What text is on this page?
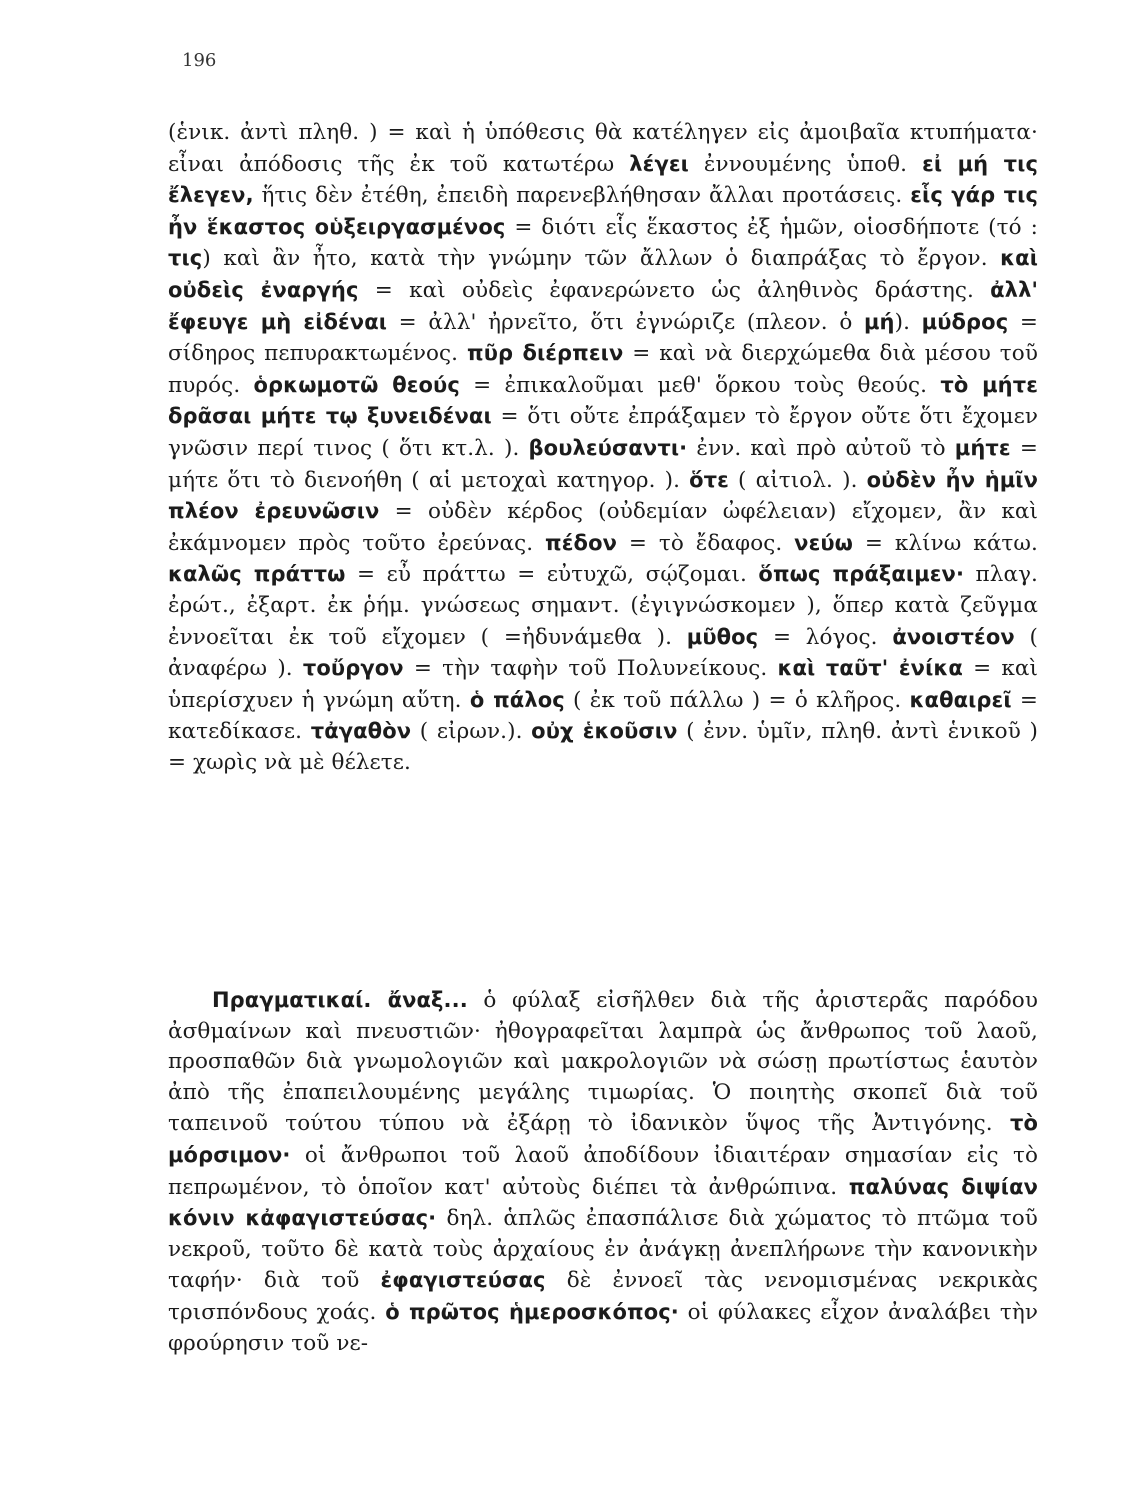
196

(ἑνικ. ἀντὶ πληθ. ) = καὶ ἡ ὑπόθεσις θὰ κατέληγεν εἰς ἀμοιβαῖα κτυπήματα· εἶναι ἀπόδοσις τῆς ἐκ τοῦ κατωτέρω λέγει ἐννουμένης ὑποθ. εἰ μή τις ἔλεγεν, ἥτις δὲν ἐτέθη, ἐπειδὴ παρενεβλήθησαν ἄλλαι προτάσεις. εἷς γάρ τις ἦν ἕκαστος οὑξειργασμένος = διότι εἷς ἕκαστος ἐξ ἡμῶν, οἱοσδήποτε (τό : τις) καὶ ἂν ἦτο, κατὰ τὴν γνώμην τῶν ἄλλων ὁ διαπράξας τὸ ἔργον. καὶ οὐδεὶς ἐναργής = καὶ οὐδεὶς ἐφανερώνετο ὡς ἀληθινὸς δράστης. ἀλλ' ἔφευγε μὴ εἰδέναι = ἀλλ' ἠρνεῖτο, ὅτι ἐγνώριζε (πλεον. ὁ μή). μύδρος = σίδηρος πεπυρακτωμένος. πῦρ διέρπειν = καὶ νὰ διερχώμεθα διὰ μέσου τοῦ πυρός. ὁρκωμοτῶ θεούς = ἐπικαλοῦμαι μεθ' ὅρκου τοὺς θεούς. τὸ μήτε δρᾶσαι μήτε τῳ ξυνειδέναι = ὅτι οὔτε ἐπράξαμεν τὸ ἔργον οὔτε ὅτι ἔχομεν γνῶσιν περί τινος ( ὅτι κτ.λ. ). βουλεύσαντι· ἐνν. καὶ πρὸ αὐτοῦ τὸ μήτε = μήτε ὅτι τὸ διενοήθη ( αἱ μετοχαὶ κατηγορ. ). ὅτε ( αἰτιολ. ). οὐδὲν ἦν ἡμῖν πλέον ἐρευνῶσιν = οὐδὲν κέρδος (οὐδεμίαν ὠφέλειαν) εἴχομεν, ἂν καὶ ἐκάμνομεν πρὸς τοῦτο ἐρεύνας. πέδον = τὸ ἔδαφος. νεύω = κλίνω κάτω. καλῶς πράττω = εὖ πράττω = εὐτυχῶ, σῴζομαι. ὅπως πράξαιμεν· πλαγ. ἐρώτ., ἐξαρτ. ἐκ ῥήμ. γνώσεως σημαντ. (ἐγιγνώσκομεν ), ὅπερ κατὰ ζεῦγμα ἐννοεῖται ἐκ τοῦ εἴχομεν ( =ἠδυνάμεθα ). μῦθος = λόγος. ἀνοιστέον ( ἀναφέρω ). τοὔργον = τὴν ταφὴν τοῦ Πολυνείκους. καὶ ταῦτ' ἐνίκα = καὶ ὑπερίσχυεν ἡ γνώμη αὕτη. ὁ πάλος ( ἐκ τοῦ πάλλω ) = ὁ κλῆρος. καθαιρεῖ = κατεδίκασε. τἀγαθὸν ( εἰρων.). οὐχ ἑκοῦσιν ( ἐνν. ὑμῖν, πληθ. ἀντὶ ἑνικοῦ ) = χωρὶς νὰ μὲ θέλετε.

Πραγματικαί. ἄναξ... ὁ φύλαξ εἰσῆλθεν διὰ τῆς ἀριστερᾶς παρόδου ἀσθμαίνων καὶ πνευστιῶν· ἠθογραφεῖται λαμπρὰ ὡς ἄνθρωπος τοῦ λαοῦ, προσπαθῶν διὰ γνωμολογιῶν καὶ μακρολογιῶν νὰ σώσῃ πρωτίστως ἑαυτὸν ἀπὸ τῆς ἐπαπειλουμένης μεγάλης τιμωρίας. Ὁ ποιητὴς σκοπεῖ διὰ τοῦ ταπεινοῦ τούτου τύπου νὰ ἐξάρῃ τὸ ἰδανικὸν ὕψος τῆς Ἀντιγόνης. τὸ μόρσιμον· οἱ ἄνθρωποι τοῦ λαοῦ ἀποδίδουν ἰδιαιτέραν σημασίαν εἰς τὸ πεπρωμένον, τὸ ὁποῖον κατ' αὐτοὺς διέπει τὰ ἀνθρώπινα. παλύνας διψίαν κόνιν κἀφαγιστεύσας· δηλ. ἁπλῶς ἐπασπάλισε διὰ χώματος τὸ πτῶμα τοῦ νεκροῦ, τοῦτο δὲ κατὰ τοὺς ἀρχαίους ἐν ἀνάγκῃ ἀνεπλήρωνε τὴν κανονικὴν ταφήν· διὰ τοῦ ἐφαγιστεύσας δὲ ἐννοεῖ τὰς νενομισμένας νεκρικὰς τρισπόνδους χοάς. ὁ πρῶτος ἡμεροσκόπος· οἱ φύλακες εἶχον ἀναλάβει τὴν φρούρησιν τοῦ νε-
